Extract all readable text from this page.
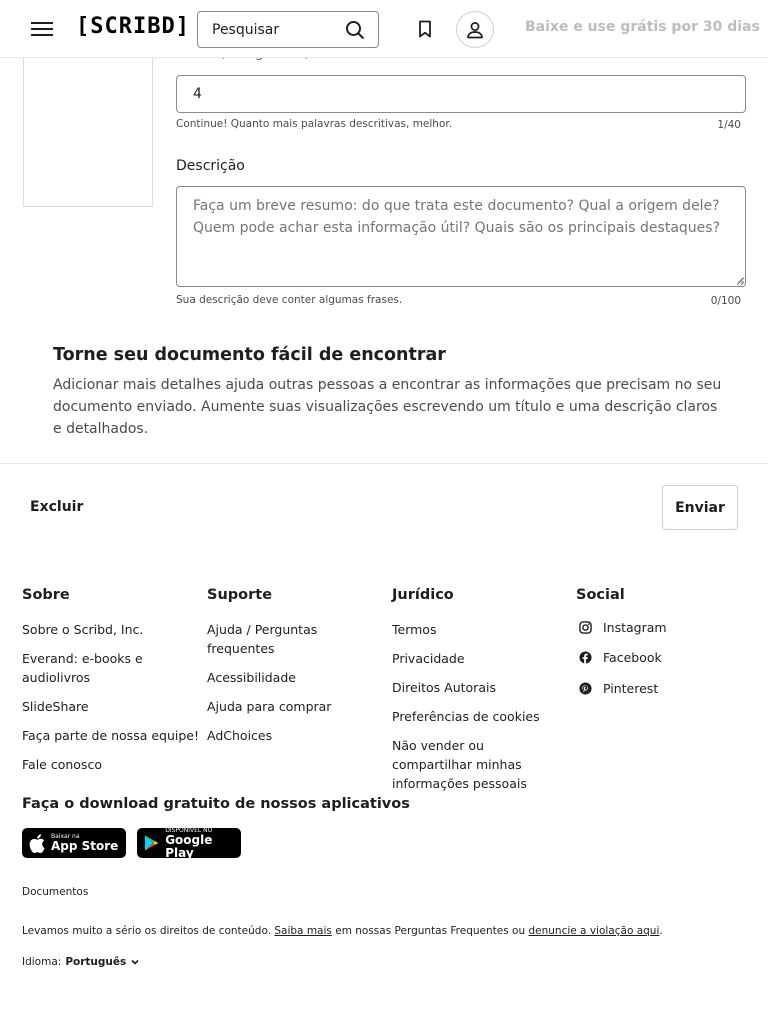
4
Continue! Quanto mais palavras descritivas, melhor.	1/40
Descrição
Faça um breve resumo: do que trata este documento? Qual a origem dele? Quem pode achar esta informação útil? Quais são os principais destaques?
Sua descrição deve conter algumas frases.	0/100
Torne seu documento fácil de encontrar
Adicionar mais detalhes ajuda outras pessoas a encontrar as informações que precisam no seu documento enviado. Aumente suas visualizações escrevendo um título e uma descrição claros e detalhados.
Excluir	Enviar
Sobre
Sobre o Scribd, Inc.
Everand: e-books e audiolivros
SlideShare
Faça parte de nossa equipe!
Fale conosco
Suporte
Ajuda / Perguntas frequentes
Acessibilidade
Ajuda para comprar
AdChoices
Jurídico
Termos
Privacidade
Direitos Autorais
Preferências de cookies
Não vender ou compartilhar minhas informações pessoais
Social
Instagram
Facebook
Pinterest
Faça o download gratuito de nossos aplicativos
Baixar na
App Store
DISPONÍVEL NO
Google Play
Documentos
Levamos muito a sério os direitos de conteúdo. Saiba mais em nossas Perguntas Frequentes ou denuncie a violação aqui.
Idioma: Português
[SCRIBD]
Pesquisar	Baixe e use grátis por 30 dias
